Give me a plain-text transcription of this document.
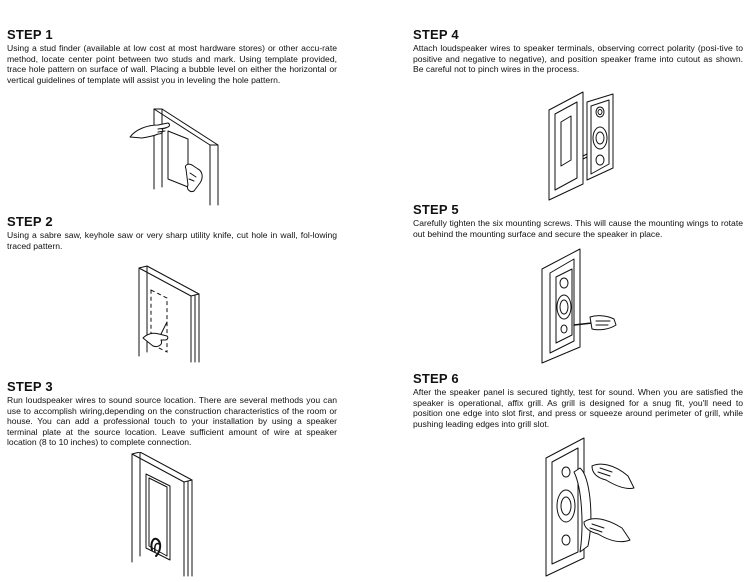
STEP 1

Using a stud finder (available at low cost at most hardware stores) or other accu-rate method, locate center point between two studs and mark. Using template provided, trace hole pattern on surface of wall. Placing a bubble level on either the horizontal or vertical guidelines of template will assist you in leveling the hole pattern.

STEP 2

Using a sabre saw, keyhole saw or very sharp utility knife, cut hole in wall, fol-lowing traced pattern.

STEP 3

Run loudspeaker wires to sound source location. There are several methods you can use to accomplish wiring,depending on the construction characteristics of the room or house. You can add a professional touch to your installation by using a speaker terminal plate at the source location. Leave sufficient amount of wire at speaker location (8 to 10 inches) to complete connection.

STEP 4

Attach loudspeaker wires to speaker terminals, observing correct polarity (posi-tive to positive and negative to negative), and position speaker frame into cutout as shown. Be careful not to pinch wires in the process.

STEP 5

Carefully tighten the six mounting screws. This will cause the mounting wings to rotate out behind the mounting surface and secure the speaker in place.

STEP 6

After the speaker panel is secured tightly, test for sound. When you are satisfied the speaker is operational, affix grill. As grill is designed for a snug fit, you'll need to position one edge into slot first, and press or squeeze around perimeter of grill, while pushing leading edges into grill slot.
